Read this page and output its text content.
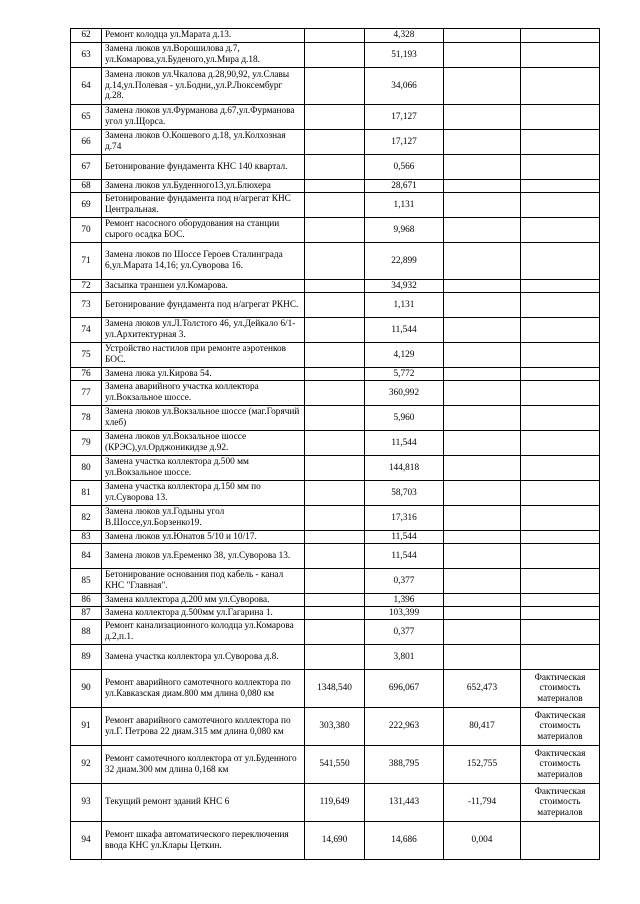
62	Ремонт колодца ул.Марата д.13.		4,328		
63	Замена люков ул.Ворошилова д.7, ул.Комарова,ул.Буденого,ул.Мира д.18.		51,193		
64	Замена люков ул.Чкалова д.28,90,92, ул.Славы д.14,ул.Полевая - ул.Бодни,,ул.Р.Люксембург д.28.		34,066		
65	Замена люков ул.Фурманова д.67,ул.Фурманова угол ул.Щорса.		17,127		
66	Замена люков О.Кошевого д.18, ул.Колхозная д.74		17,127		
67	Бетонирование фундамента КНС 140 квартал.		0,566		
68	Замена люков ул.Буденного13,ул.Блюхера		28,671		
69	Бетонирование фундамента под н/агрегат КНС Центральная.		1,131		
70	Ремонт насосного оборудования на станции сырого осадка БОС.		9,968		
71	Замена люков по Шоссе Героев Сталинграда 6,ул.Марата 14,16; ул.Суворова 16.		22,899		
72	Засыпка траншеи ул.Комарова.		34,932		
73	Бетонирование фундамента под н/агрегат РКНС.		1,131		
74	Замена люков ул.Л.Толстого 46, ул.Дейкало 6/1-ул.Архитектурная 3.		11,544		
75	Устройство настилов при ремонте аэротенков БОС.		4,129		
76	Замена люка ул.Кирова 54.		5,772		
77	Замена аварийного участка коллектора ул.Вокзальное шоссе.		360,992		
78	Замена люков ул.Вокзальное шоссе (маг.Горячий хлеб)		5,960		
79	Замена люков ул.Вокзальное шоссе (КРЭС),ул.Орджоникидзе д.92.		11,544		
80	Замена участка коллектора д.500 мм ул.Вокзальное шоссе.		144,818		
81	Замена участка коллектора д.150 мм по ул.Суворова 13.		58,703		
82	Замена люков ул.Годыны угол В.Шоссе,ул.Борзенко19.		17,316		
83	Замена люков ул.Юнатов 5/10 и 10/17.		11,544		
84	Замена люков ул.Еременко 38, ул.Суворова 13.		11,544		
85	Бетонирование основания под кабель - канал КНС "Главная".		0,377		
86	Замена коллектора д.200 мм ул.Суворова.		1,396		
87	Замена коллектора д.500мм ул.Гагарина 1.		103,399		
88	Ремонт канализационного колодца ул.Комарова д.2,п.1.		0,377		
89	Замена участка коллектора ул.Суворова д.8.		3,801		
90	Ремонт аварийного самотечного коллектора по ул.Кавказская диам.800 мм длина 0,080 км	1348,540	696,067	652,473	Фактическая стоимость материалов
91	Ремонт аварийного самотечного коллектора по ул.Г. Петрова 22 диам.315 мм длина 0,080 км	303,380	222,963	80,417	Фактическая стоимость материалов
92	Ремонт самотечного коллектора от ул.Буденного 32 диам.300 мм длина 0,168 км	541,550	388,795	152,755	Фактическая стоимость материалов
93	Текущий ремонт зданий КНС 6	119,649	131,443	-11,794	Фактическая стоимость материалов
94	Ремонт шкафа автоматического переключения ввода КНС ул.Клары Цеткин.	14,690	14,686	0,004	
